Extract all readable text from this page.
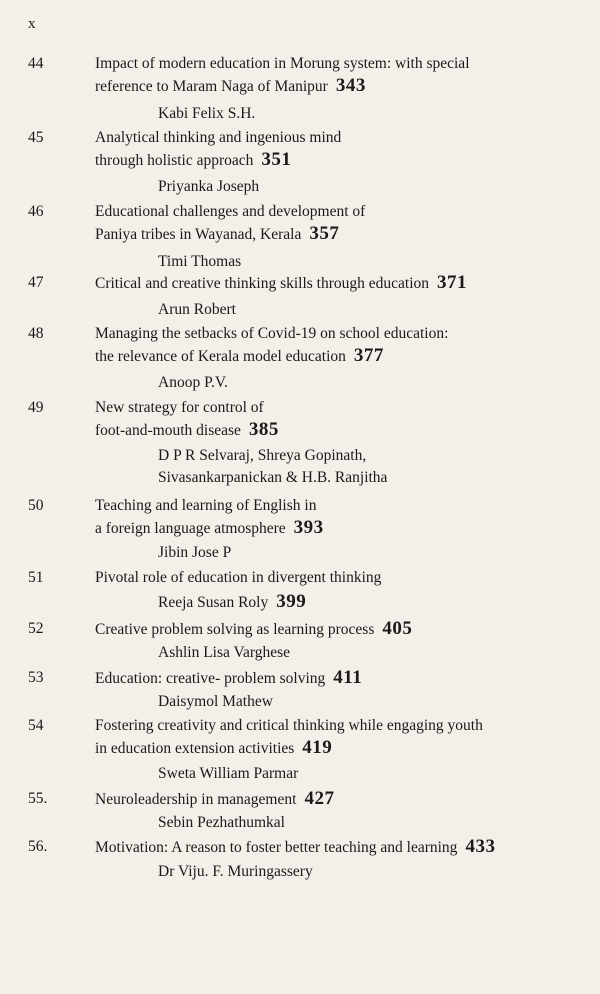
x
44	Impact of modern education in Morung system: with special
reference to Maram Naga of Manipur 343
Kabi Felix S.H.
45	Analytical thinking and ingenious mind
through holistic approach 351
Priyanka Joseph
46	Educational challenges and development of
Paniya tribes in Wayanad, Kerala 357
Timi Thomas
47	Critical and creative thinking skills through education 371
Arun Robert
48	Managing the setbacks of Covid-19 on school education:
the relevance of Kerala model education 377
Anoop P.V.
49	New strategy for control of
foot-and-mouth disease 385
D P R Selvaraj, Shreya Gopinath,
Sivasankarpanickan & H.B. Ranjitha
50	Teaching and learning of English in
a foreign language atmosphere 393
Jibin Jose P
51	Pivotal role of education in divergent thinking
Reeja Susan Roly 399
52	Creative problem solving as learning process 405
Ashlin Lisa Varghese
53	Education: creative- problem solving 411
Daisymol Mathew
54	Fostering creativity and critical thinking while engaging youth
in education extension activities 419
Sweta William Parmar
55.	Neuroleadership in management 427
Sebin Pezhathumkal
56.	Motivation: A reason to foster better teaching and learning 433
Dr Viju. F. Muringassery
